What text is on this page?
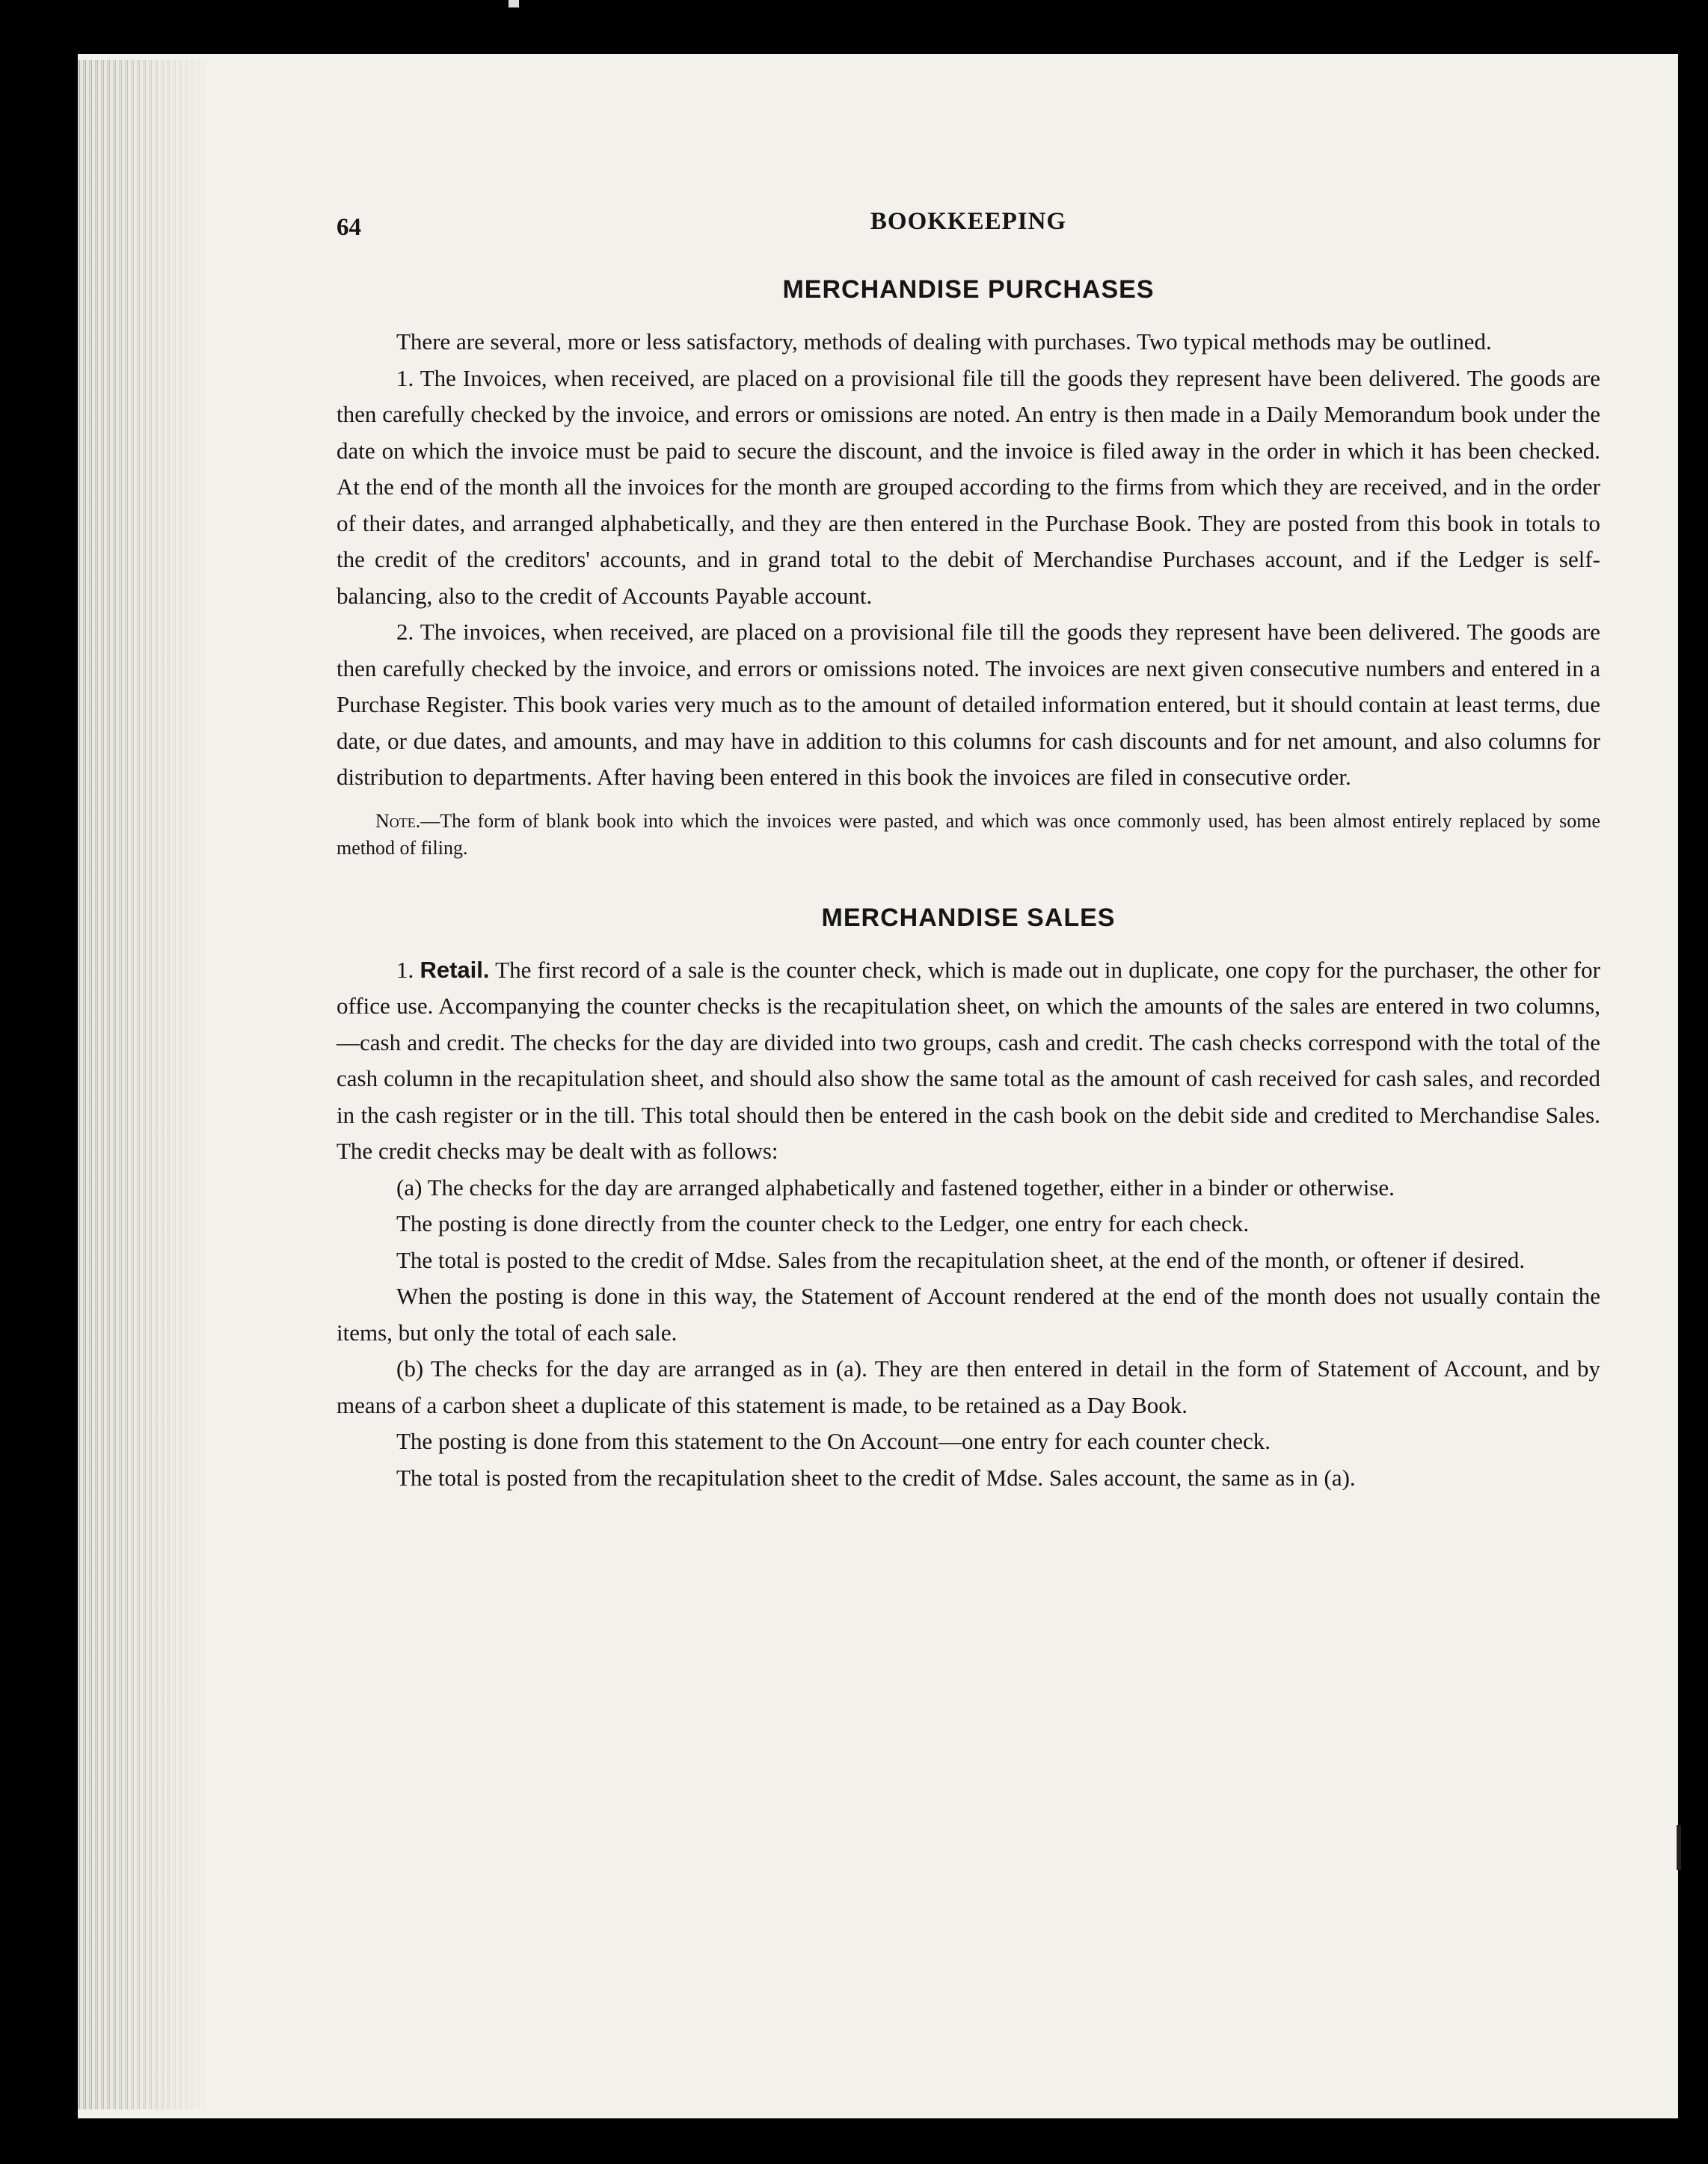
64	BOOKKEEPING
MERCHANDISE PURCHASES

There are several, more or less satisfactory, methods of dealing with purchases. Two typical methods may be outlined.

1. The Invoices, when received, are placed on a provisional file till the goods they represent have been delivered. The goods are then carefully checked by the invoice, and errors or omissions are noted. An entry is then made in a Daily Memorandum book under the date on which the invoice must be paid to secure the discount, and the invoice is filed away in the order in which it has been checked. At the end of the month all the invoices for the month are grouped according to the firms from which they are received, and in the order of their dates, and arranged alphabetically, and they are then entered in the Purchase Book. They are posted from this book in totals to the credit of the creditors' accounts, and in grand total to the debit of Merchandise Purchases account, and if the Ledger is self-balancing, also to the credit of Accounts Payable account.

2. The invoices, when received, are placed on a provisional file till the goods they represent have been delivered. The goods are then carefully checked by the invoice, and errors or omissions noted. The invoices are next given consecutive numbers and entered in a Purchase Register. This book varies very much as to the amount of detailed information entered, but it should contain at least terms, due date, or due dates, and amounts, and may have in addition to this columns for cash discounts and for net amount, and also columns for distribution to departments. After having been entered in this book the invoices are filed in consecutive order.

Note.—The form of blank book into which the invoices were pasted, and which was once commonly used, has been almost entirely replaced by some method of filing.

MERCHANDISE SALES

1. Retail. The first record of a sale is the counter check, which is made out in duplicate, one copy for the purchaser, the other for office use. Accompanying the counter checks is the recapitulation sheet, on which the amounts of the sales are entered in two columns,—cash and credit. The checks for the day are divided into two groups, cash and credit. The cash checks correspond with the total of the cash column in the recapitulation sheet, and should also show the same total as the amount of cash received for cash sales, and recorded in the cash register or in the till. This total should then be entered in the cash book on the debit side and credited to Merchandise Sales. The credit checks may be dealt with as follows:

(a) The checks for the day are arranged alphabetically and fastened together, either in a binder or otherwise.

The posting is done directly from the counter check to the Ledger, one entry for each check.

The total is posted to the credit of Mdse. Sales from the recapitulation sheet, at the end of the month, or oftener if desired.

When the posting is done in this way, the Statement of Account rendered at the end of the month does not usually contain the items, but only the total of each sale.

(b) The checks for the day are arranged as in (a). They are then entered in detail in the form of Statement of Account, and by means of a carbon sheet a duplicate of this statement is made, to be retained as a Day Book.

The posting is done from this statement to the On Account—one entry for each counter check.

The total is posted from the recapitulation sheet to the credit of Mdse. Sales account, the same as in (a).
